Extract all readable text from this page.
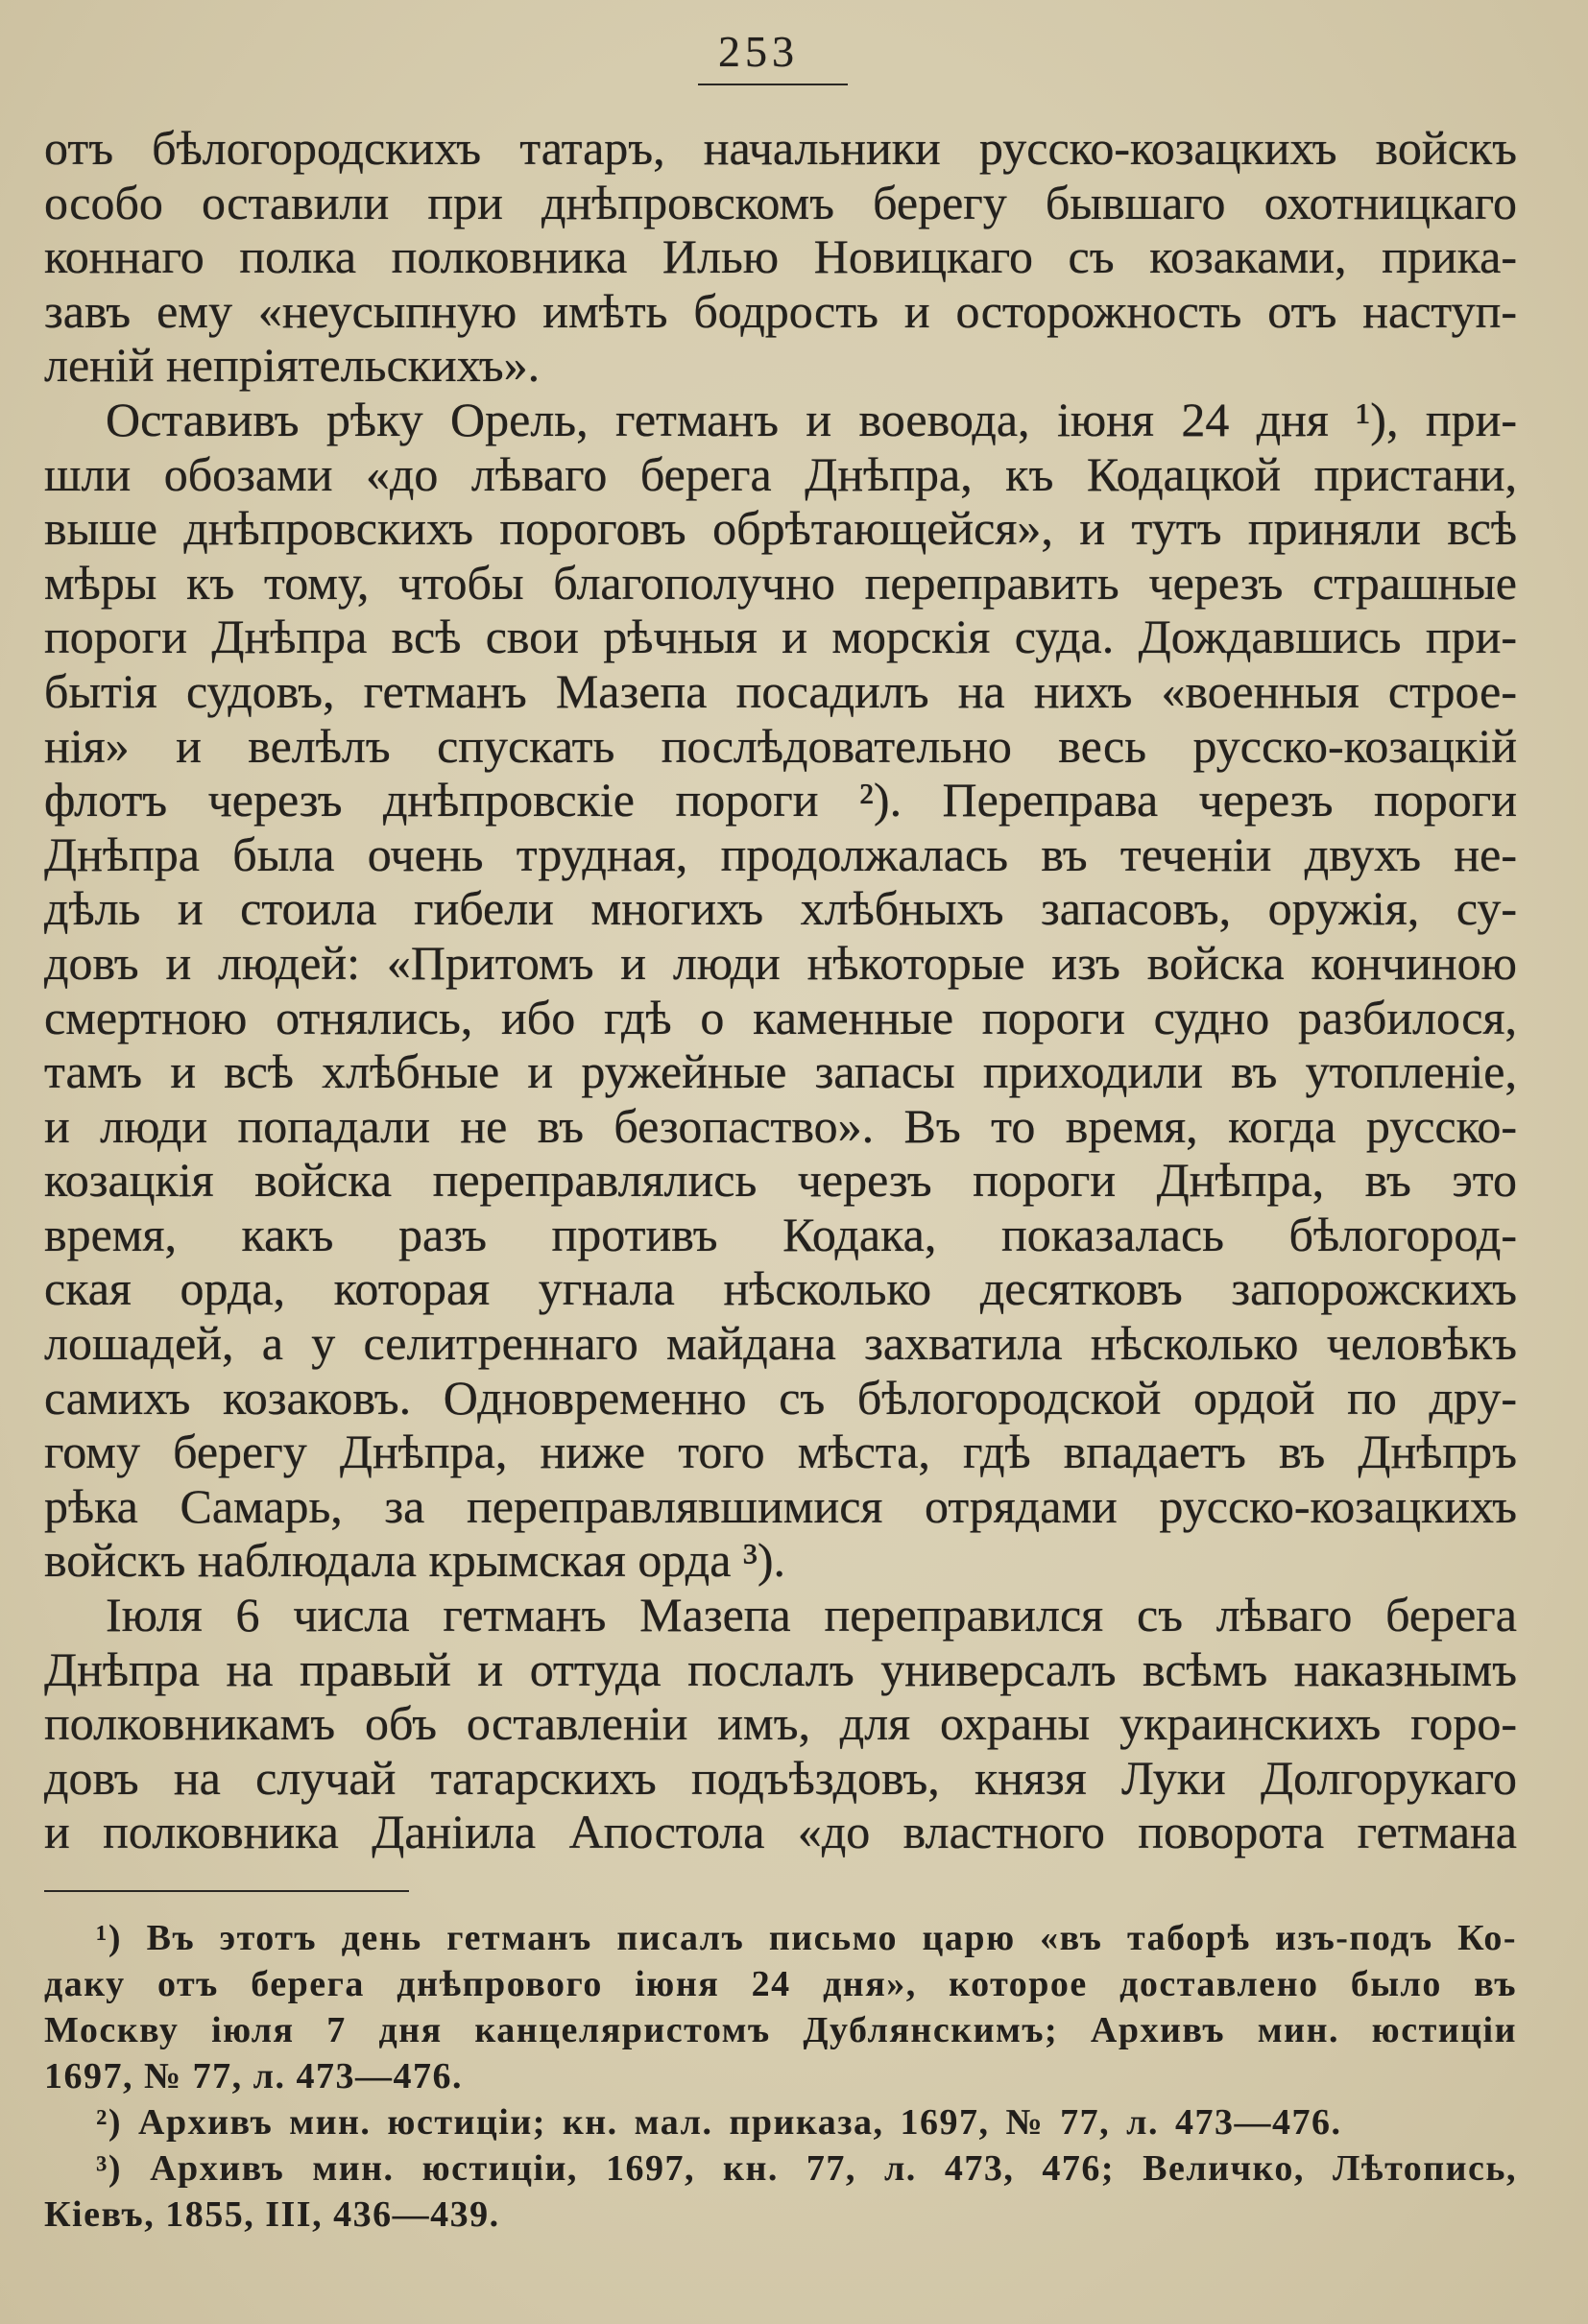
253
отъ бѣлогородскихъ татаръ, начальники русско-козацкихъ войскъ
особо оставили при днѣпровскомъ берегу бывшаго охотницкаго
коннаго полка полковника Илью Новицкаго съ козаками, прика-
завъ ему «неусыпную имѣть бодрость и осторожность отъ наступ-
леній непріятельскихъ».
Оставивъ рѣку Орель, гетманъ и воевода, іюня 24 дня ¹), при-
шли обозами «до лѣваго берега Днѣпра, къ Кодацкой пристани,
выше днѣпровскихъ пороговъ обрѣтающейся», и тутъ приняли всѣ
мѣры къ тому, чтобы благополучно переправить черезъ страшные
пороги Днѣпра всѣ свои рѣчныя и морскія суда. Дождавшись при-
бытія судовъ, гетманъ Мазепа посадилъ на нихъ «военныя строе-
нія» и велѣлъ спускать послѣдовательно весь русско-козацкій
флотъ черезъ днѣпровскіе пороги ²). Переправа черезъ пороги
Днѣпра была очень трудная, продолжалась въ теченіи двухъ не-
дѣль и стоила гибели многихъ хлѣбныхъ запасовъ, оружія, су-
довъ и людей: «Притомъ и люди нѣкоторые изъ войска кончиною
смертною отнялись, ибо гдѣ о каменные пороги судно разбилося,
тамъ и всѣ хлѣбные и ружейные запасы приходили въ утопленіе,
и люди попадали не въ безопаство». Въ то время, когда русско-
козацкія войска переправлялись черезъ пороги Днѣпра, въ это
время, какъ разъ противъ Кодака, показалась бѣлогород-
ская орда, которая угнала нѣсколько десятковъ запорожскихъ
лошадей, а у селитреннаго майдана захватила нѣсколько человѣкъ
самихъ козаковъ. Одновременно съ бѣлогородской ордой по дру-
гому берегу Днѣпра, ниже того мѣста, гдѣ впадаетъ въ Днѣпръ
рѣка Самарь, за переправлявшимися отрядами русско-козацкихъ
войскъ наблюдала крымская орда ³).
Іюля 6 числа гетманъ Мазепа переправился съ лѣваго берега
Днѣпра на правый и оттуда послалъ универсалъ всѣмъ наказнымъ
полковникамъ объ оставленіи имъ, для охраны украинскихъ горо-
довъ на случай татарскихъ подъѣздовъ, князя Луки Долгорукаго
и полковника Даніила Апостола «до властного поворота гетмана
¹) Въ этотъ день гетманъ писалъ письмо царю «въ таборѣ изъ-подъ Ко-
даку отъ берега днѣпрового іюня 24 дня», которое доставлено было въ
Москву іюля 7 дня канцеляристомъ Дублянскимъ; Архивъ мин. юстиціи
1697, № 77, л. 473—476.
²) Архивъ мин. юстиціи; кн. мал. приказа, 1697, № 77, л. 473—476.
³) Архивъ мин. юстиціи, 1697, кн. 77, л. 473, 476; Величко, Лѣтопись,
Кіевъ, 1855, III, 436—439.
